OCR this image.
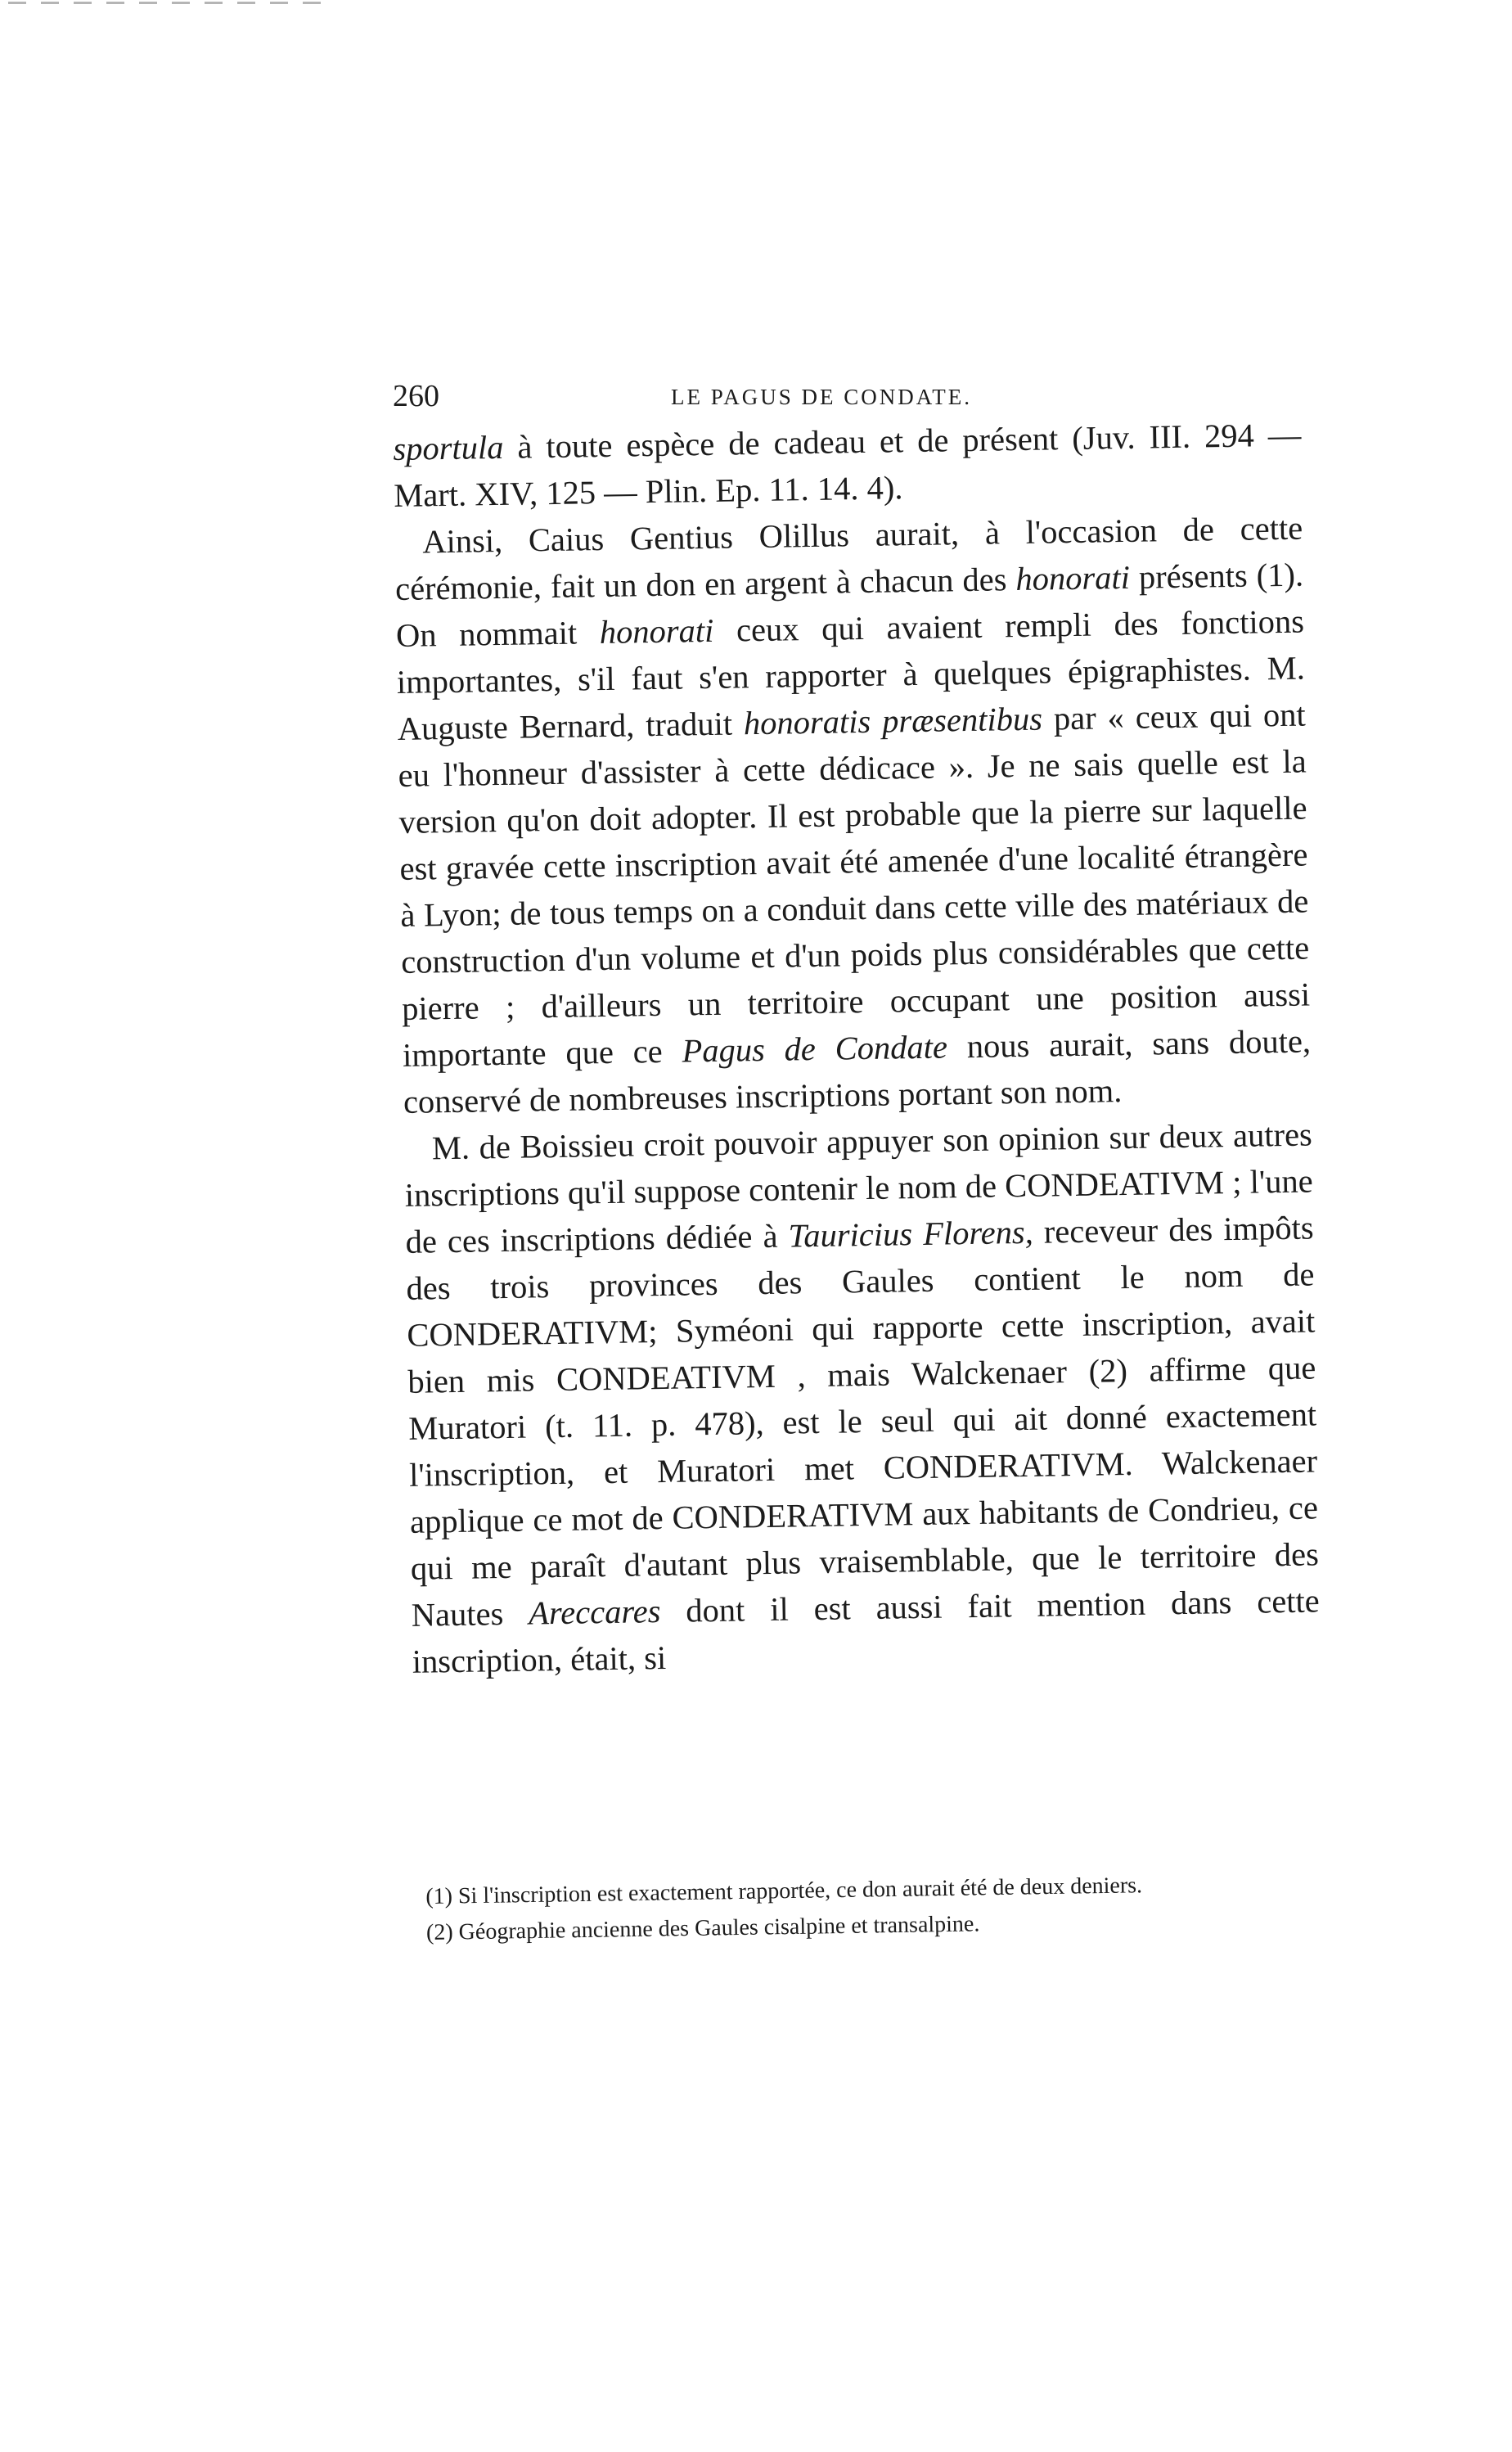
260	LE PAGUS DE CONDATE.

sportula à toute espèce de cadeau et de présent (Juv. III. 294 — Mart. XIV, 125 — Plin. Ep. 11. 14. 4).

Ainsi, Caius Gentius Olillus aurait, à l'occasion de cette cérémonie, fait un don en argent à chacun des honorati présents (1). On nommait honorati ceux qui avaient rempli des fonctions importantes, s'il faut s'en rapporter à quelques épigraphistes. M. Auguste Bernard, traduit honoratis præsentibus par « ceux qui ont eu l'honneur d'assister à cette dédicace ». Je ne sais quelle est la version qu'on doit adopter. Il est probable que la pierre sur laquelle est gravée cette inscription avait été amenée d'une localité étrangère à Lyon; de tous temps on a conduit dans cette ville des matériaux de construction d'un volume et d'un poids plus considérables que cette pierre ; d'ailleurs un territoire occupant une position aussi importante que ce Pagus de Condate nous aurait, sans doute, conservé de nombreuses inscriptions portant son nom.

M. de Boissieu croit pouvoir appuyer son opinion sur deux autres inscriptions qu'il suppose contenir le nom de CONDEATIVM ; l'une de ces inscriptions dédiée à Tauricius Florens, receveur des impôts des trois provinces des Gaules contient le nom de CONDERATIVM; Syméoni qui rapporte cette inscription, avait bien mis CONDEATIVM , mais Walckenaer (2) affirme que Muratori (t. 11. p. 478), est le seul qui ait donné exactement l'inscription, et Muratori met CONDERATIVM. Walckenaer applique ce mot de CONDERATIVM aux habitants de Condrieu, ce qui me paraît d'autant plus vraisemblable, que le territoire des Nautes Areccares dont il est aussi fait mention dans cette inscription, était, si

(1) Si l'inscription est exactement rapportée, ce don aurait été de deux deniers.

(2) Géographie ancienne des Gaules cisalpine et transalpine.
